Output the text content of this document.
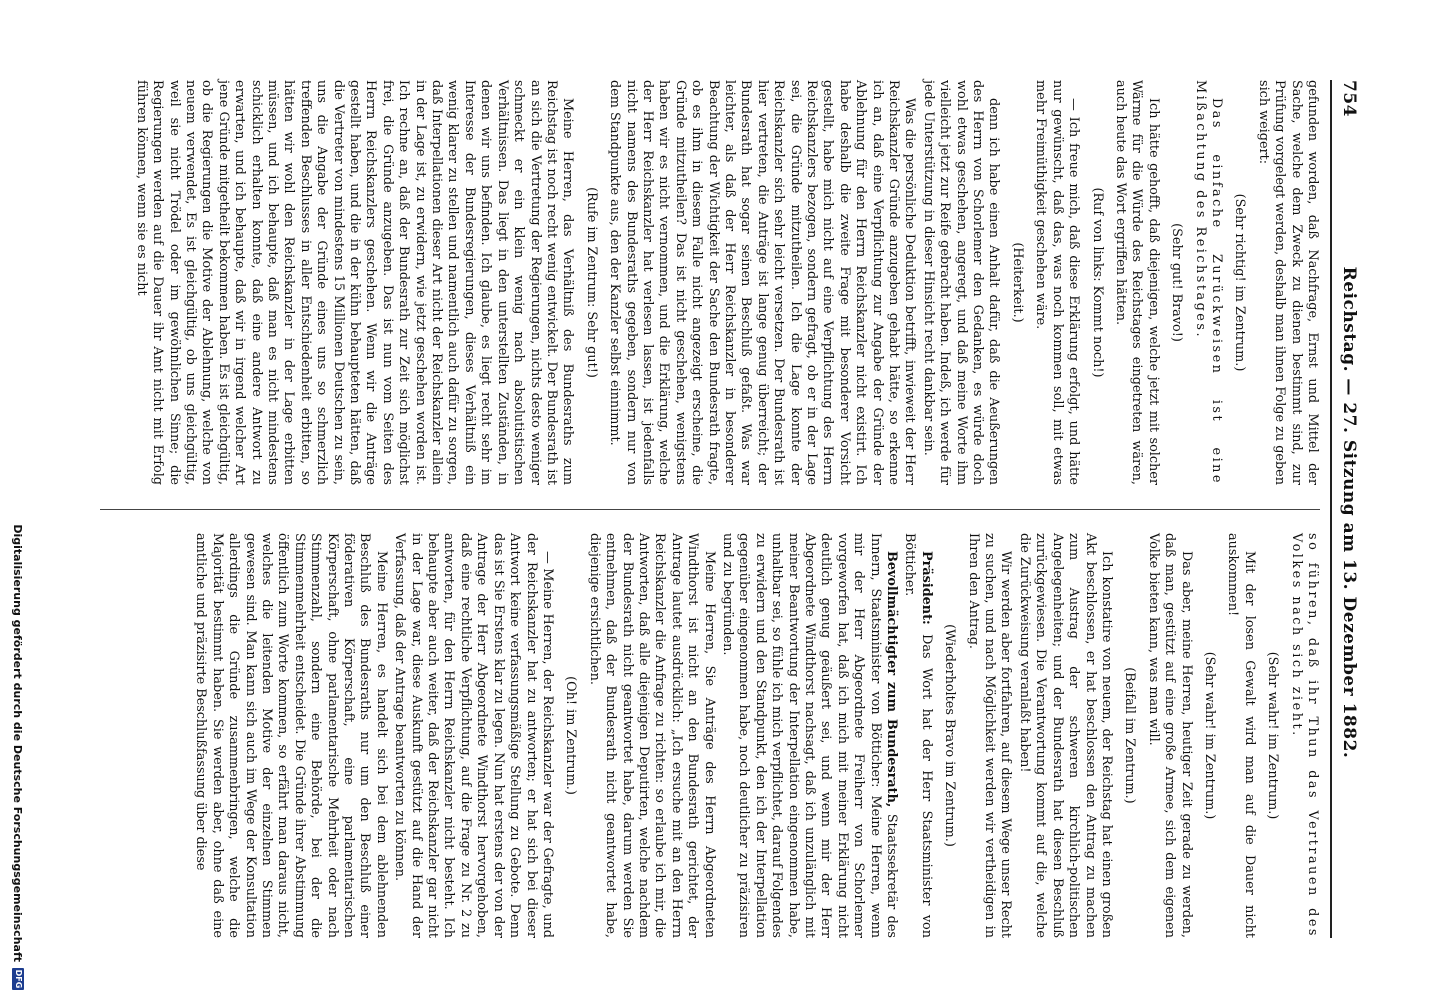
754
Reichstag. — 27. Sitzung am 13. Dezember 1882.

gefunden worden, daß Nachfrage, Ernst und Mittel der Sache, welche dem Zweck zu dienen bestimmt sind, zur Prüfung vorgelegt werden, deshalb man ihnen Folge zu geben sich weigert:

(Sehr richtig! im Zentrum.)

Das einfache Zurückweisen ist eine Mißachtung des Reichstages.

(Sehr gut! Bravo!)

Ich hätte gehofft, daß diejenigen, welche jetzt mit solcher Wärme für die Würde des Reichstages eingetreten wären, auch heute das Wort ergriffen hätten.

(Ruf von links: Kommt noch!)

— Ich freue mich, daß diese Erklärung erfolgt, und hätte nur gewünscht, daß das, was noch kommen soll, mit etwas mehr Freimüthigkeit geschehen wäre.

(Heiterkeit.)

denn ich habe einen Anhalt dafür, daß die Aeußerungen des Herrn von Schorlemer den Gedanken, es würde doch wohl etwas geschehen, angeregt, und daß meine Worte ihm vielleicht jetzt zur Reife gebracht haben. Indeß, ich werde für jede Unterstützung in dieser Hinsicht recht dankbar sein.

Was die persönliche Deduktion betrifft, inwieweit der Herr Reichskanzler Gründe anzugeben gehabt hätte, so erkenne ich an, daß eine Verpflichtung zur Angabe der Gründe der Ablehnung für den Herrn Reichskanzler nicht existirt. Ich habe deshalb die zweite Frage mit besonderer Vorsicht gestellt, habe mich nicht auf eine Verpflichtung des Herrn Reichskanzlers bezogen, sondern gefragt, ob er in der Lage sei, die Gründe mitzutheilen. Ich die Lage konnte der Reichskanzler sich sehr leicht versetzen. Der Bundesrath ist hier vertreten, die Anträge ist lange genug überreicht; der Bundesrath hat sogar seinen Beschluß gefaßt. Was war leichter, als daß der Herr Reichskanzler in besonderer Beachtung der Wichtigkeit der Sache den Bundesrath fragte, ob es ihm in diesem Falle nicht angezeigt erscheine, die Gründe mitzutheilen? Das ist nicht geschehen, wenigstens haben wir es nicht vernommen, und die Erklärung, welche der Herr Reichskanzler hat verlesen lassen, ist jedenfalls nicht namens des Bundesraths gegeben, sondern nur von dem Standpunkte aus, den der Kanzler selbst einnimmt.

(Rufe im Zentrum: Sehr gut!)

Meine Herren, das Verhältniß des Bundesraths zum Reichstag ist noch recht wenig entwickelt. Der Bundesrath ist an sich die Vertretung der Regierungen, nichts desto weniger schmeckt er ein klein wenig nach absolutistischen Verhältnissen. Das liegt in den unterstellten Zuständen, in denen wir uns befinden. Ich glaube, es liegt recht sehr im Interesse der Bundesregierungen, dieses Verhältniß ein wenig klarer zu stellen und namentlich auch dafür zu sorgen, daß Interpellationen dieser Art nicht der Reichskanzler allein in der Lage ist, zu erwidern, wie jetzt geschehen worden ist. Ich rechne an, daß der Bundesrath zur Zeit sich möglichst frei, die Gründe anzugeben. Das ist nun vom Seiten des Herrn Reichskanzlers geschehen. Wenn wir die Anträge gestellt haben, und die in der kühn behaupteten hätten, daß die Vertreter von mindestens 15 Millionen Deutschen zu sein, uns die Angabe der Gründe eines uns so schmerzlich treffenden Beschlusses in aller Entschiedenheit erbitten, so hätten wir wohl den Reichskanzler in der Lage erbitten müssen, und ich behaupte, daß man es nicht mindestens schicklich erhalten konnte, daß eine andere Antwort zu erwarten, und ich behaupte, daß wir in irgend welcher Art jene Gründe mitgetheilt bekommen haben. Es ist gleichgültig, ob die Regierungen die Motive der Ablehnung, welche von neuem verwendet, Es ist gleichgültig, ob uns gleichgültig, weil sie nicht Trödel oder im gewöhnlichen Sinne; die Regierungen werden auf die Dauer ihr Amt nicht mit Erfolg führen können, wenn sie es nicht

so führen, daß ihr Thun das Vertrauen des Volkes nach sich zieht.

(Sehr wahr! im Zentrum.)

Mit der losen Gewalt wird man auf die Dauer nicht auskommen!

(Sehr wahr! im Zentrum.)

Das aber, meine Herren, heutiger Zeit gerade zu werden, daß man, gestützt auf eine große Armee, sich dem eigenen Volke bieten kann, was man will.

(Beifall im Zentrum.)

Ich konstatire von neuem, der Reichstag hat einen großen Akt beschlossen, er hat beschlossen den Antrag zu machen zum Austrag der schweren kirchlich-politischen Angelegenheiten; und der Bundesrath hat diesen Beschluß zurückgewiesen. Die Verantwortung kommt auf die, welche die Zurückweisung veranlaßt haben!

Wir werden aber fortfahren, auf diesem Wege unser Recht zu suchen, und nach Möglichkeit werden wir vertheidigen in Ihren den Antrag.

(Wiederholtes Bravo im Zentrum.)

Präsident: Das Wort hat der Herr Staatsminister von Bötticher.

Bevollmächtigter zum Bundesrath, Staatssekretär des Innern, Staatsminister von Bötticher: Meine Herren, wenn mir der Herr Abgeordnete Freiherr von Schorlemer vorgeworfen hat, daß ich mich mit meiner Erklärung nicht deutlich genug geäußert sei, und wenn mir der Herr Abgeordnete Windthorst nachsagt, daß ich unzulänglich mit meiner Beantwortung der Interpellation eingenommen habe, unhaltbar sei, so fühle ich mich verpflichtet, darauf Folgendes zu erwidern und den Standpunkt, den ich der Interpellation gegenüber eingenommen habe, noch deutlicher zu präzisiren und zu begründen.

Meine Herren, Sie Anträge des Herrn Abgeordneten Windthorst ist nicht an den Bundesrath gerichtet, der Antrage lautet ausdrücklich: „Ich ersuche mit an den Herrn Reichskanzler die Anfrage zu richten: so erlaube ich mir, die Antworten, daß alle diejenigen Deputirten, welche nachdem der Bundesrath nicht geantwortet habe, darum werden Sie entnehmen, daß der Bundesrath nicht geantwortet habe, diejenige ersichtlichen.

(Oh! im Zentrum.)

— Meine Herren, der Reichskanzler war der Gefragte, und der Reichskanzler hat zu antworten; er hat sich bei dieser Antwort keine verfassungsmäßige Stellung zu Gebote. Denn das ist Sie Erstens klar zu legen. Nun hat erstens der von der Antrage der Herr Abgeordnete Windthorst hervorgehoben, daß eine rechtliche Verpflichtung, auf die Frage zu Nr. 2 zu antworten, für den Herrn Reichskanzler nicht besteht. Ich behaupte aber auch weiter, daß der Reichskanzler gar nicht in der Lage war, diese Auskunft gestützt auf die Hand der Verfassung, daß der Antrage beantworten zu können.

Meine Herren, es handelt sich bei dem ablehnenden Beschluß des Bundesraths nur um den Beschluß einer föderativen Körperschaft, eine parlamentarischen Körperschaft, ohne parlamentarische Mehrheit oder nach Stimmenzahl, sondern eine Behörde, bei der die Stimmenmehrheit entscheidet. Die Gründe ihrer Abstimmung öffentlich zum Worte kommen, so erfährt man daraus nicht, welches die leitenden Motive der einzelnen Stimmen gewesen sind. Man kann sich auch im Wege der Konsultation allerdings die Gründe zusammenbringen, welche die Majorität bestimmt haben. Sie werden aber, ohne daß eine amtliche und präzisirte Beschlußfassung über diese

Digitalisierung gefördert durch die Deutsche Forschungsgemeinschaft
DFG
